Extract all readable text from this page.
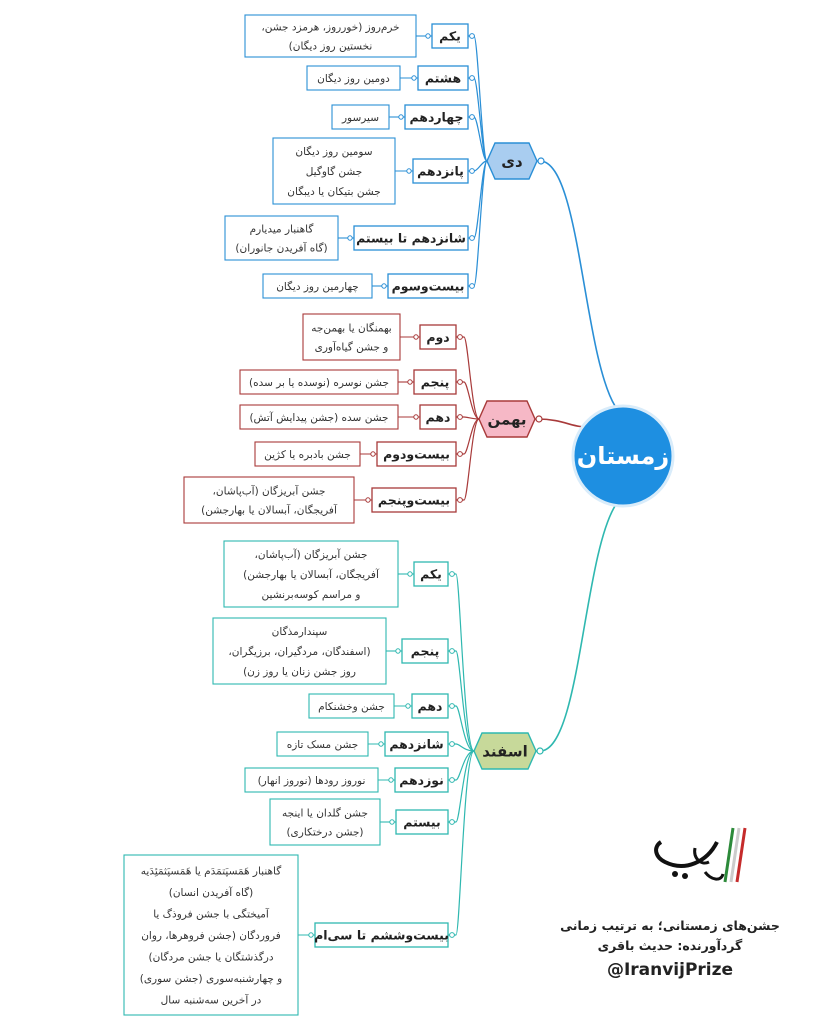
یکم
خرم‌روز (خورروز، هرمزد جشن،
نخستین روز دیگان)
هشتم
دومین روز دیگان
چهاردهم
سیرسور
پانزدهم
سومین روز دیگان
جشن گاوگیل
جشن بتیکان یا دیبگان
شانزدهم تا بیستم
گاهنبار میدیارم
(گاه آفریدن جانوران)
بیست‌وسوم
چهارمین روز دیگان
دی
دوم
بهمنگان یا بهمن‌جه
و جشن گیاه‌آوری
پنجم
جشن نوسره (نوسده یا بر سده)
دهم
جشن سده (جشن پیدایش آتش)
بیست‌ودوم
جشن بادبره یا کژین
بیست‌وپنجم
جشن آبریزگان (آب‌پاشان،
آفریجگان، آبسالان یا بهارجشن)
بهمن
یکم
جشن آبریزگان (آب‌پاشان،
آفریجگان، آبسالان یا بهارجشن)
و مراسم کوسه‌برنشین
پنجم
سپندارمذگان
(اسفندگان، مردگیران، برزیگران،
روز جشن زنان یا روز زن)
دهم
جشن وخشنکام
شانزدهم
جشن مسک تازه
نوزدهم
نوروز رودها (نوروز انهار)
بیستم
جشن گلدان یا اینجه
(جشن درختکاری)
بیست‌وششم تا سی‌ام
گاهنبار هَمَسپَتمَدَم یا هَمَسپَثمَئِدَیه
(گاه آفریدن انسان)
آمیختگی با جشن فروذگ یا
فروردگان (جشن فروهرها، روان
درگذشتگان یا جشن مردگان)
و چهارشنبه‌سوری (جشن سوری)
در آخرین سه‌شنبه سال
اسفند
زمستان
جشن‌های زمستانی؛ به ترتیب زمانی
گردآورنده: حدیث باقری
@IranvijPrize
